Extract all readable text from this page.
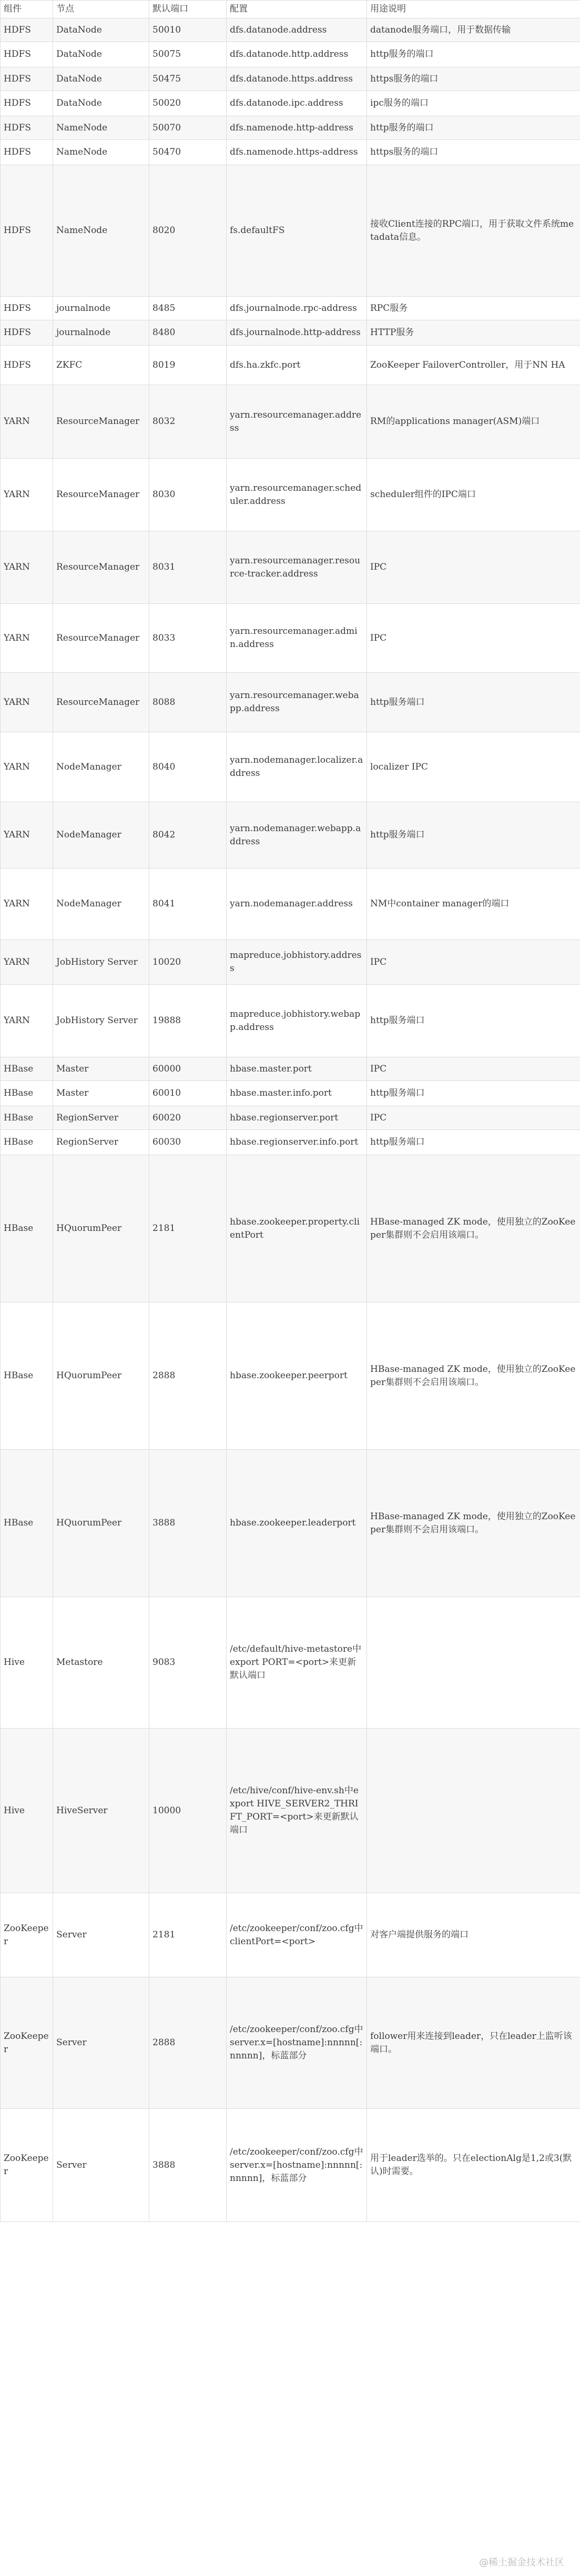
组件	节点	默认端口	配置	用途说明
HDFS	DataNode	50010	dfs.datanode.address	datanode服务端口，用于数据传输
HDFS	DataNode	50075	dfs.datanode.http.address	http服务的端口
HDFS	DataNode	50475	dfs.datanode.https.address	https服务的端口
HDFS	DataNode	50020	dfs.datanode.ipc.address	ipc服务的端口
HDFS	NameNode	50070	dfs.namenode.http-address	http服务的端口
HDFS	NameNode	50470	dfs.namenode.https-address	https服务的端口
HDFS	NameNode	8020	fs.defaultFS	接收Client连接的RPC端口，用于获取文件系统metadata信息。
HDFS	journalnode	8485	dfs.journalnode.rpc-address	RPC服务
HDFS	journalnode	8480	dfs.journalnode.http-address	HTTP服务
HDFS	ZKFC	8019	dfs.ha.zkfc.port	ZooKeeper FailoverController，用于NN HA
YARN	ResourceManager	8032	yarn.resourcemanager.address	RM的applications manager(ASM)端口
YARN	ResourceManager	8030	yarn.resourcemanager.scheduler.address	scheduler组件的IPC端口
YARN	ResourceManager	8031	yarn.resourcemanager.resource-tracker.address	IPC
YARN	ResourceManager	8033	yarn.resourcemanager.admin.address	IPC
YARN	ResourceManager	8088	yarn.resourcemanager.webapp.address	http服务端口
YARN	NodeManager	8040	yarn.nodemanager.localizer.address	localizer IPC
YARN	NodeManager	8042	yarn.nodemanager.webapp.address	http服务端口
YARN	NodeManager	8041	yarn.nodemanager.address	NM中container manager的端口
YARN	JobHistory Server	10020	mapreduce.jobhistory.address	IPC
YARN	JobHistory Server	19888	mapreduce.jobhistory.webapp.address	http服务端口
HBase	Master	60000	hbase.master.port	IPC
HBase	Master	60010	hbase.master.info.port	http服务端口
HBase	RegionServer	60020	hbase.regionserver.port	IPC
HBase	RegionServer	60030	hbase.regionserver.info.port	http服务端口
HBase	HQuorumPeer	2181	hbase.zookeeper.property.clientPort	HBase-managed ZK mode，使用独立的ZooKeeper集群则不会启用该端口。
HBase	HQuorumPeer	2888	hbase.zookeeper.peerport	HBase-managed ZK mode，使用独立的ZooKeeper集群则不会启用该端口。
HBase	HQuorumPeer	3888	hbase.zookeeper.leaderport	HBase-managed ZK mode，使用独立的ZooKeeper集群则不会启用该端口。
Hive	Metastore	9083	/etc/default/hive-metastore中export PORT=<port>来更新默认端口	
Hive	HiveServer	10000	/etc/hive/conf/hive-env.sh中export HIVE_SERVER2_THRIFT_PORT=<port>来更新默认端口	
ZooKeeper	Server	2181	/etc/zookeeper/conf/zoo.cfg中clientPort=<port>	对客户端提供服务的端口
ZooKeeper	Server	2888	/etc/zookeeper/conf/zoo.cfg中server.x=[hostname]:nnnnn[:nnnnn]，标蓝部分	follower用来连接到leader，只在leader上监听该端口。
ZooKeeper	Server	3888	/etc/zookeeper/conf/zoo.cfg中server.x=[hostname]:nnnnn[:nnnnn]，标蓝部分	用于leader选举的。只在electionAlg是1,2或3(默认)时需要。
@稀土掘金技术社区
